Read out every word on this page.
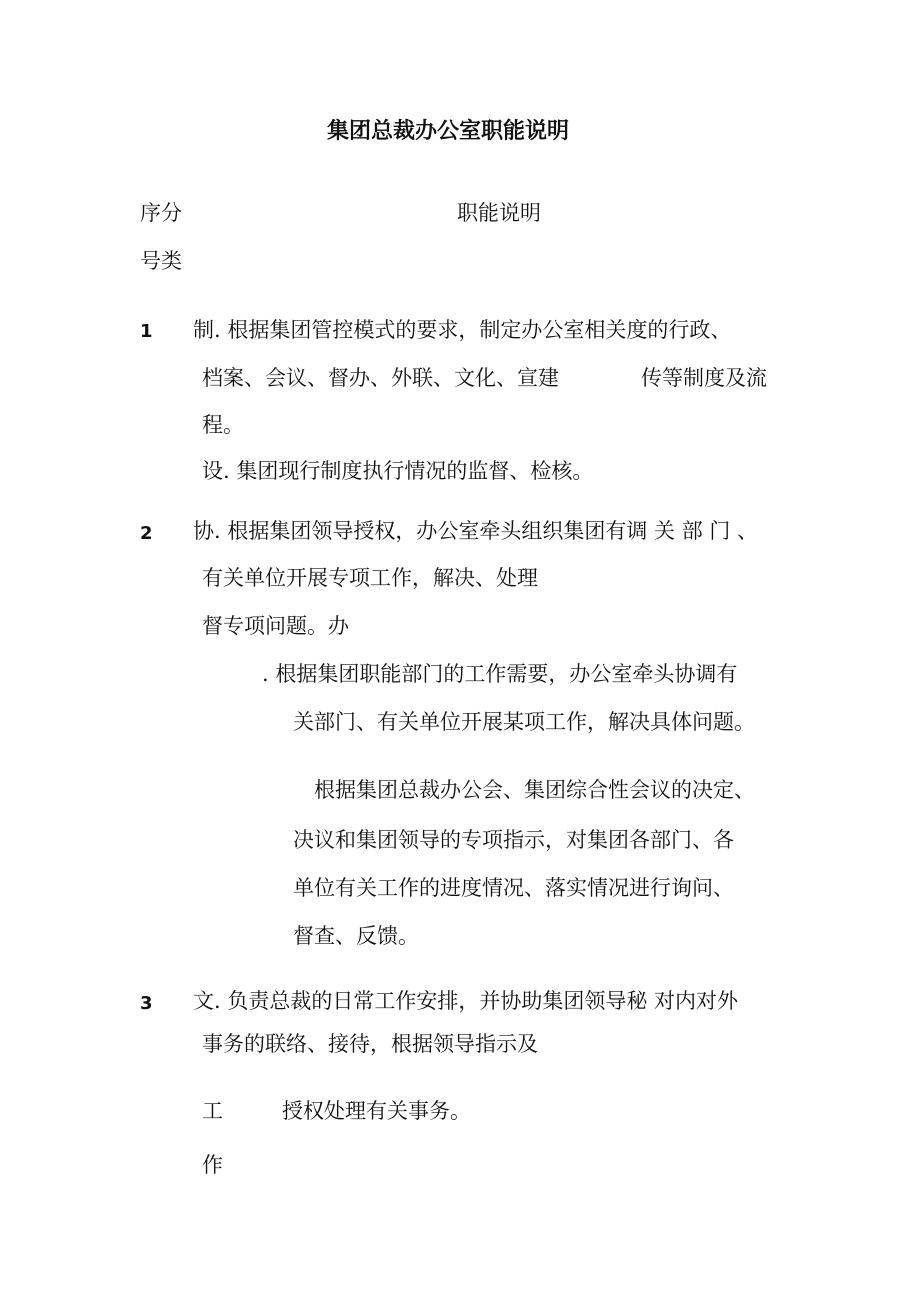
集团总裁办公室职能说明
序分
号类
职能说明
1 制. 根据集团管控模式的要求，制定办公室相关度的行政、
档案、会议、督办、外联、文化、宣建	传等制度及流
程。
设. 集团现行制度执行情况的监督、检核。
2 协. 根据集团领导授权，办公室牵头组织集团有调 关 部 门 、
有关单位开展专项工作，解决、处理
督专项问题。办
. 根据集团职能部门的工作需要，办公室牵头协调有
关部门、有关单位开展某项工作，解决具体问题。
根据集团总裁办公会、集团综合性会议的决定、
决议和集团领导的专项指示，对集团各部门、各
单位有关工作的进度情况、落实情况进行询问、
督查、反馈。
3 文. 负责总裁的日常工作安排，并协助集团领导秘 对内对外
事务的联络、接待，根据领导指示及
工	授权处理有关事务。
作
